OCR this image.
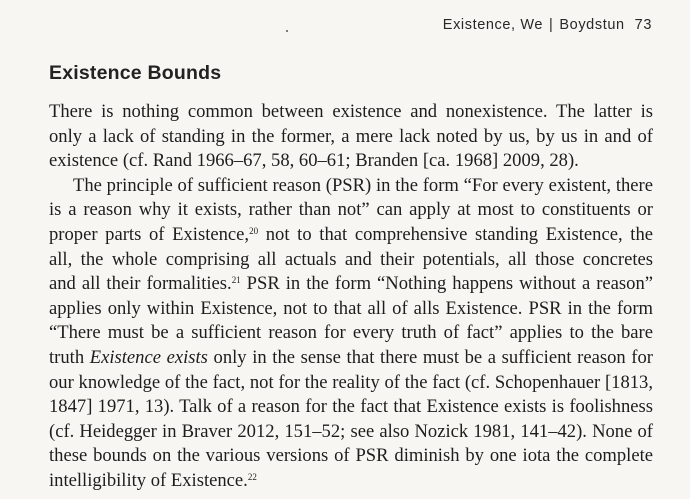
Existence, We | Boydstun 73
Existence Bounds
There is nothing common between existence and nonexistence. The latter is
only a lack of standing in the former, a mere lack noted by us, by us in and of
existence (cf. Rand 1966–67, 58, 60–61; Branden [ca. 1968] 2009, 28).
The principle of sufficient reason (PSR) in the form “For every existent, there
is a reason why it exists, rather than not” can apply at most to constituents or
proper parts of Existence,$^{20}$ not to that comprehensive standing Existence, the
all, the whole comprising all actuals and their potentials, all those concretes
and all their formalities.$^{21}$ PSR in the form “Nothing happens without a reason”
applies only within Existence, not to that all of alls Existence. PSR in the form
“There must be a sufficient reason for every truth of fact” applies to the bare
truth Existence exists only in the sense that there must be a sufficient reason for
our knowledge of the fact, not for the reality of the fact (cf. Schopenhauer [1813,
1847] 1971, 13). Talk of a reason for the fact that Existence exists is foolishness
(cf. Heidegger in Braver 2012, 151–52; see also Nozick 1981, 141–42). None of
these bounds on the various versions of PSR diminish by one iota the complete
intelligibility of Existence.$^{22}$
